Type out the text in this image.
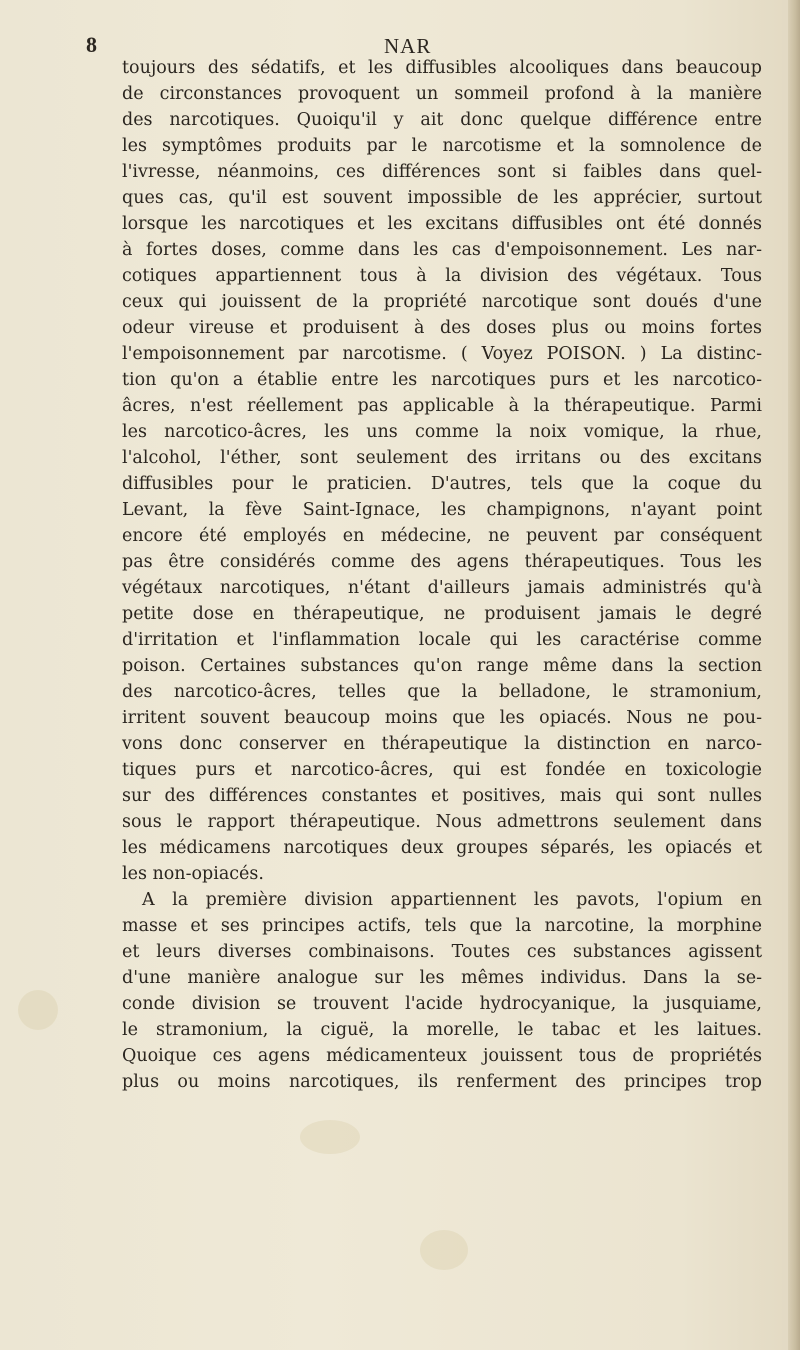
8	NAR
toujours des sédatifs, et les diffusibles alcooliques dans beaucoup
de circonstances provoquent un sommeil profond à la manière
des narcotiques. Quoiqu'il y ait donc quelque différence entre
les symptômes produits par le narcotisme et la somnolence de
l'ivresse, néanmoins, ces différences sont si faibles dans quel-
ques cas, qu'il est souvent impossible de les apprécier, surtout
lorsque les narcotiques et les excitans diffusibles ont été donnés
à fortes doses, comme dans les cas d'empoisonnement. Les nar-
cotiques appartiennent tous à la division des végétaux. Tous
ceux qui jouissent de la propriété narcotique sont doués d'une
odeur vireuse et produisent à des doses plus ou moins fortes
l'empoisonnement par narcotisme. ( Voyez POISON. ) La distinc-
tion qu'on a établie entre les narcotiques purs et les narcotico-
âcres, n'est réellement pas applicable à la thérapeutique. Parmi
les narcotico-âcres, les uns comme la noix vomique, la rhue,
l'alcohol, l'éther, sont seulement des irritans ou des excitans
diffusibles pour le praticien. D'autres, tels que la coque du
Levant, la fève Saint-Ignace, les champignons, n'ayant point
encore été employés en médecine, ne peuvent par conséquent
pas être considérés comme des agens thérapeutiques. Tous les
végétaux narcotiques, n'étant d'ailleurs jamais administrés qu'à
petite dose en thérapeutique, ne produisent jamais le degré
d'irritation et l'inflammation locale qui les caractérise comme
poison. Certaines substances qu'on range même dans la section
des narcotico-âcres, telles que la belladone, le stramonium,
irritent souvent beaucoup moins que les opiacés. Nous ne pou-
vons donc conserver en thérapeutique la distinction en narco-
tiques purs et narcotico-âcres, qui est fondée en toxicologie
sur des différences constantes et positives, mais qui sont nulles
sous le rapport thérapeutique. Nous admettrons seulement dans
les médicamens narcotiques deux groupes séparés, les opiacés et
les non-opiacés.
A la première division appartiennent les pavots, l'opium en
masse et ses principes actifs, tels que la narcotine, la morphine
et leurs diverses combinaisons. Toutes ces substances agissent
d'une manière analogue sur les mêmes individus. Dans la se-
conde division se trouvent l'acide hydrocyanique, la jusquiame,
le stramonium, la ciguë, la morelle, le tabac et les laitues.
Quoique ces agens médicamenteux jouissent tous de propriétés
plus ou moins narcotiques, ils renferment des principes trop
